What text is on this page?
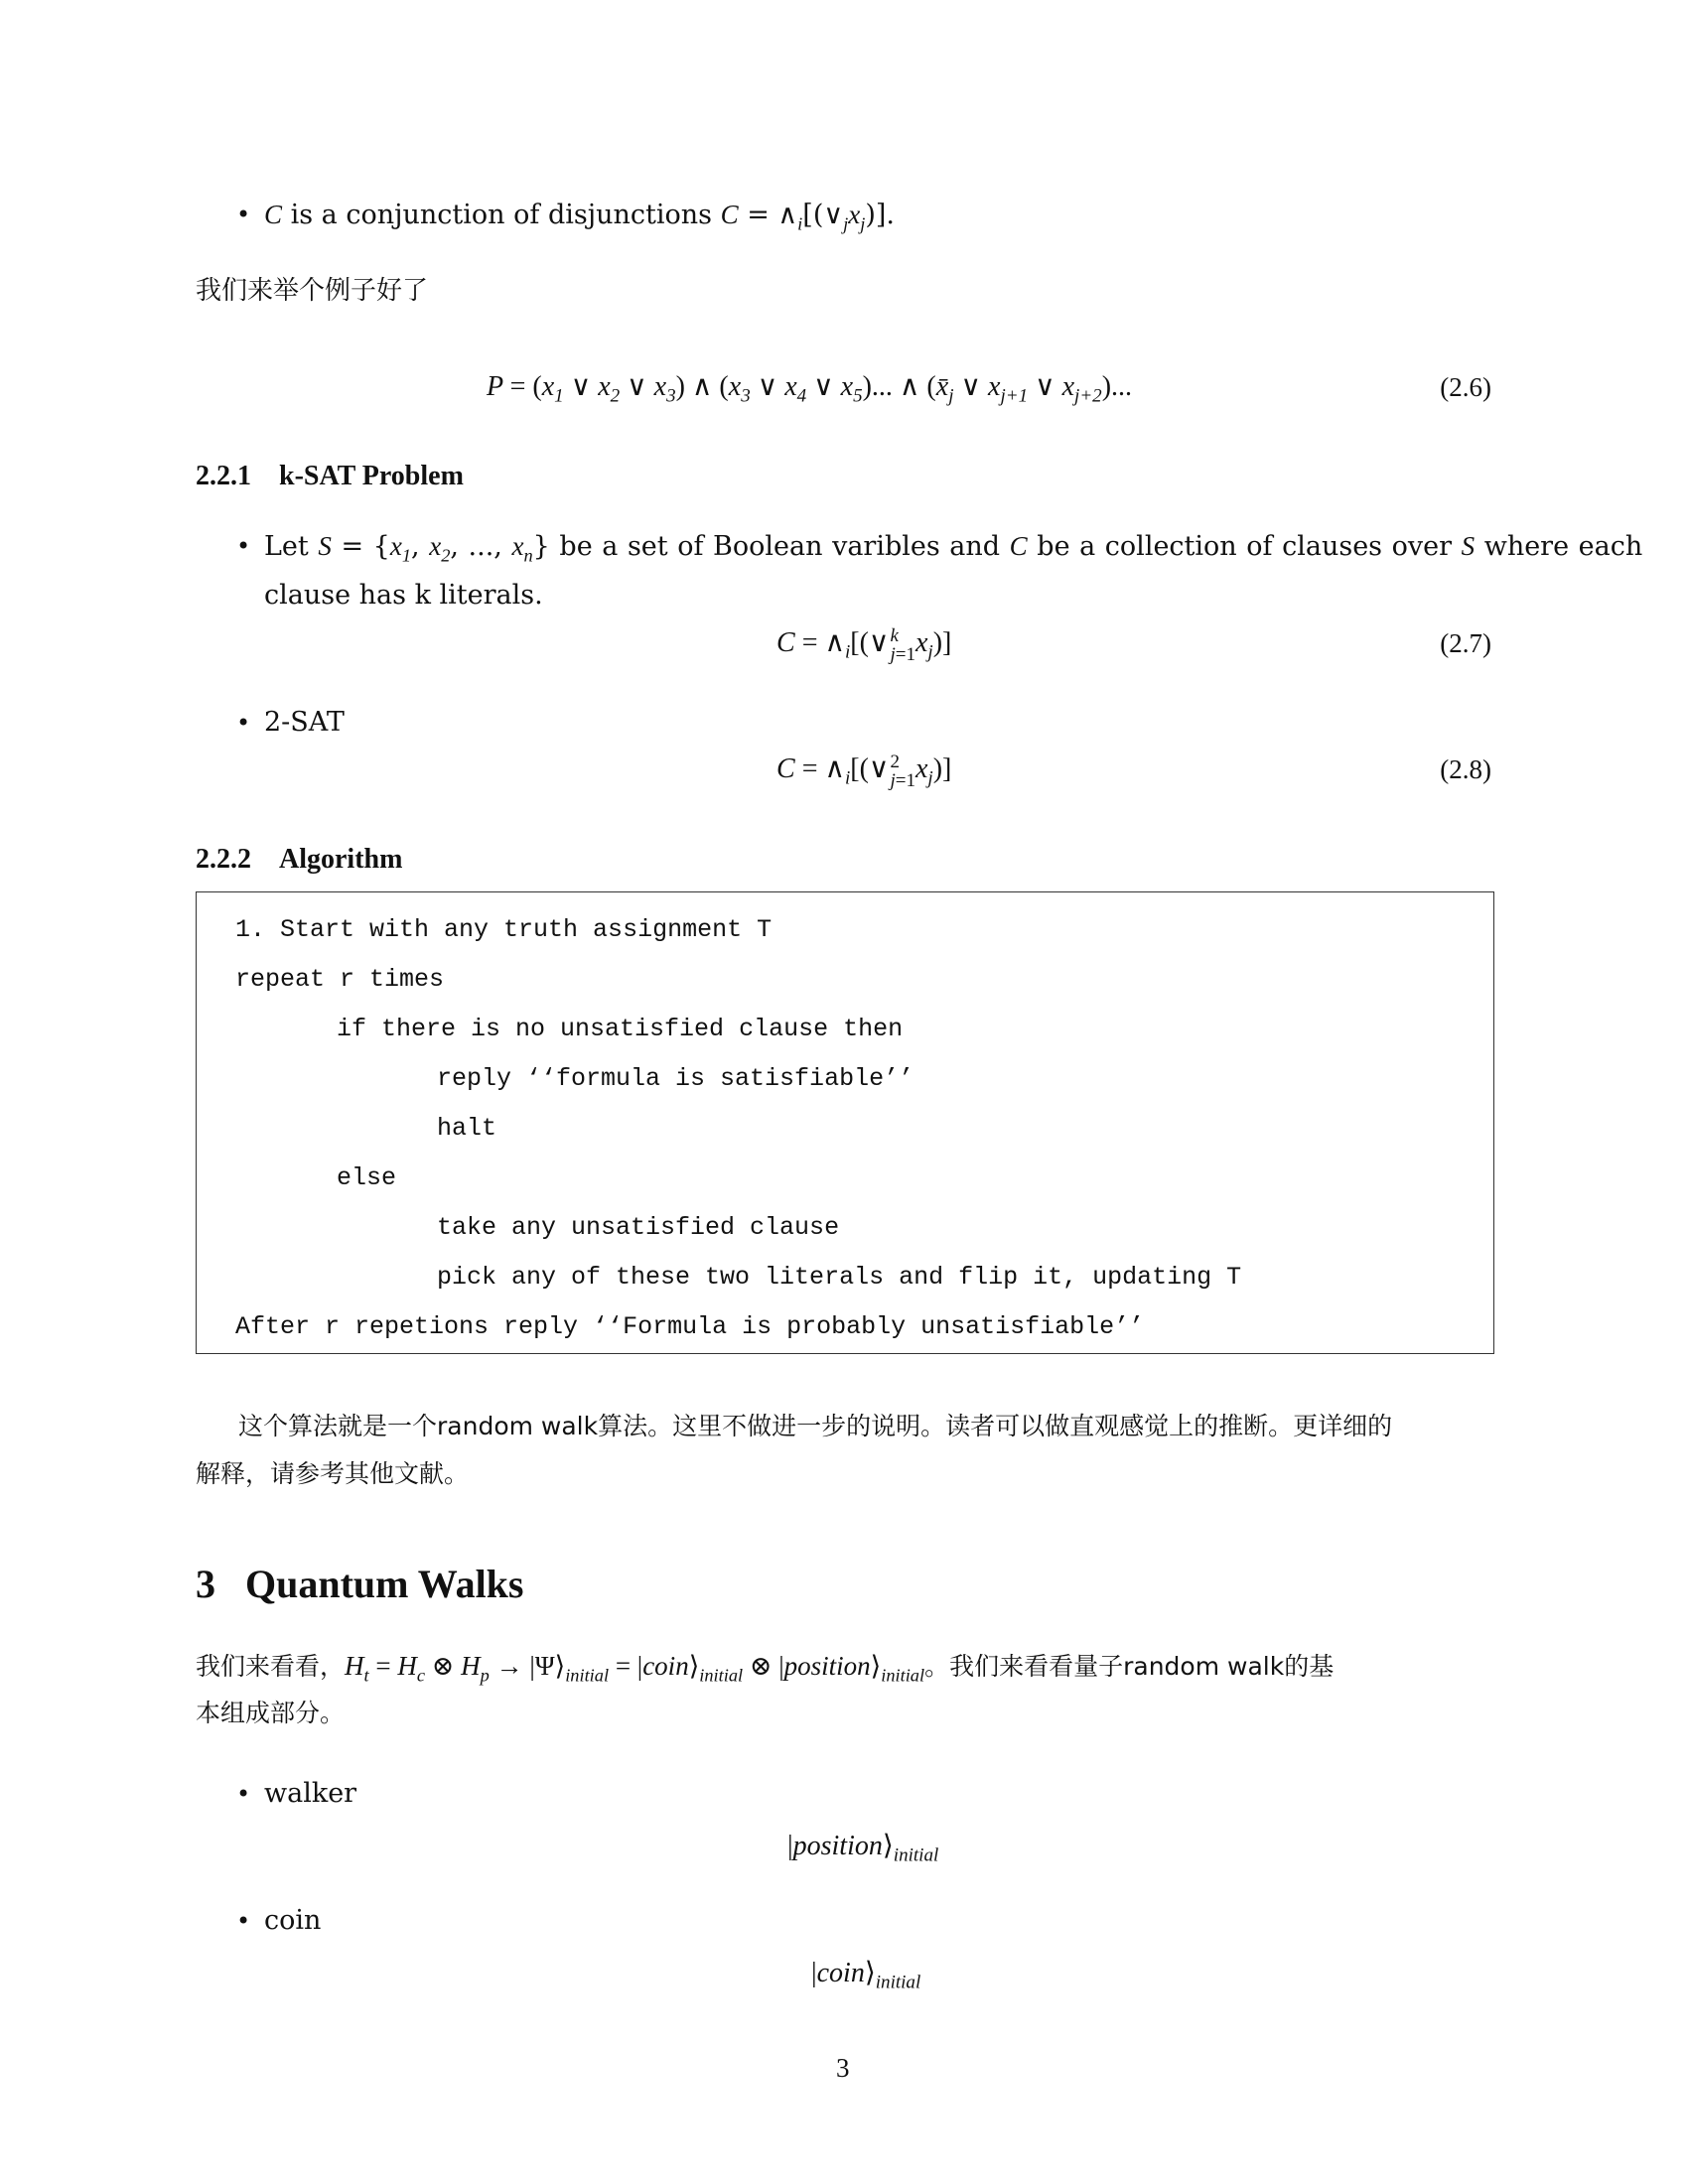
• C is a conjunction of disjunctions $C = \wedge_i[(\vee_jx_j)]$.
我们来举个例子好了
$P = (x_1$ ∨ $x_2$ ∨ $x_3$) ∧ ($x_3$ ∨ $x_4$ ∨ $x_5$)... ∧ ($x̄_j$ ∨ $x_{j+1}$ ∨ $x_{j+2}$)...	(2.6)
2.2.1 k-SAT Problem
• Let $S = \{x_1$, $x_2$, ..., $x_n$} be a set of Boolean varibles and C be a collection of clauses over S where each
clause has k literals.
$C = \wedge_i[(\vee$ k
j=1 $x_j$)]	(2.7)
• 2-SAT
$C = \wedge_i[(\vee$ 2
j=1 $x_j$)]	(2.8)
2.2.2 Algorithm
1. Start with any truth assignment T
repeat r times
if there is no unsatisfied clause then
reply ‘‘formula is satisfiable’’
halt
else
take any unsatisfied clause
pick any of these two literals and flip it, updating T
After r repetions reply ‘‘Formula is probably unsatisfiable’’
这个算法就是一个random walk算法。这里不做进一步的说明。读者可以做直观感觉上的推断。更详细的
解释，请参考其他文献。
3 Quantum Walks
我们来看看，$H_t = H_c$ ⊗ $H_p$ → $|\Psi⟩_{initial}$ = $|coin⟩_{initial}$ ⊗ $|position⟩_{initial}$。我们来看看量子random walk的基
本组成部分。
• walker
$|position⟩_{initial}$
• coin
$|coin⟩_{initial}$
3
